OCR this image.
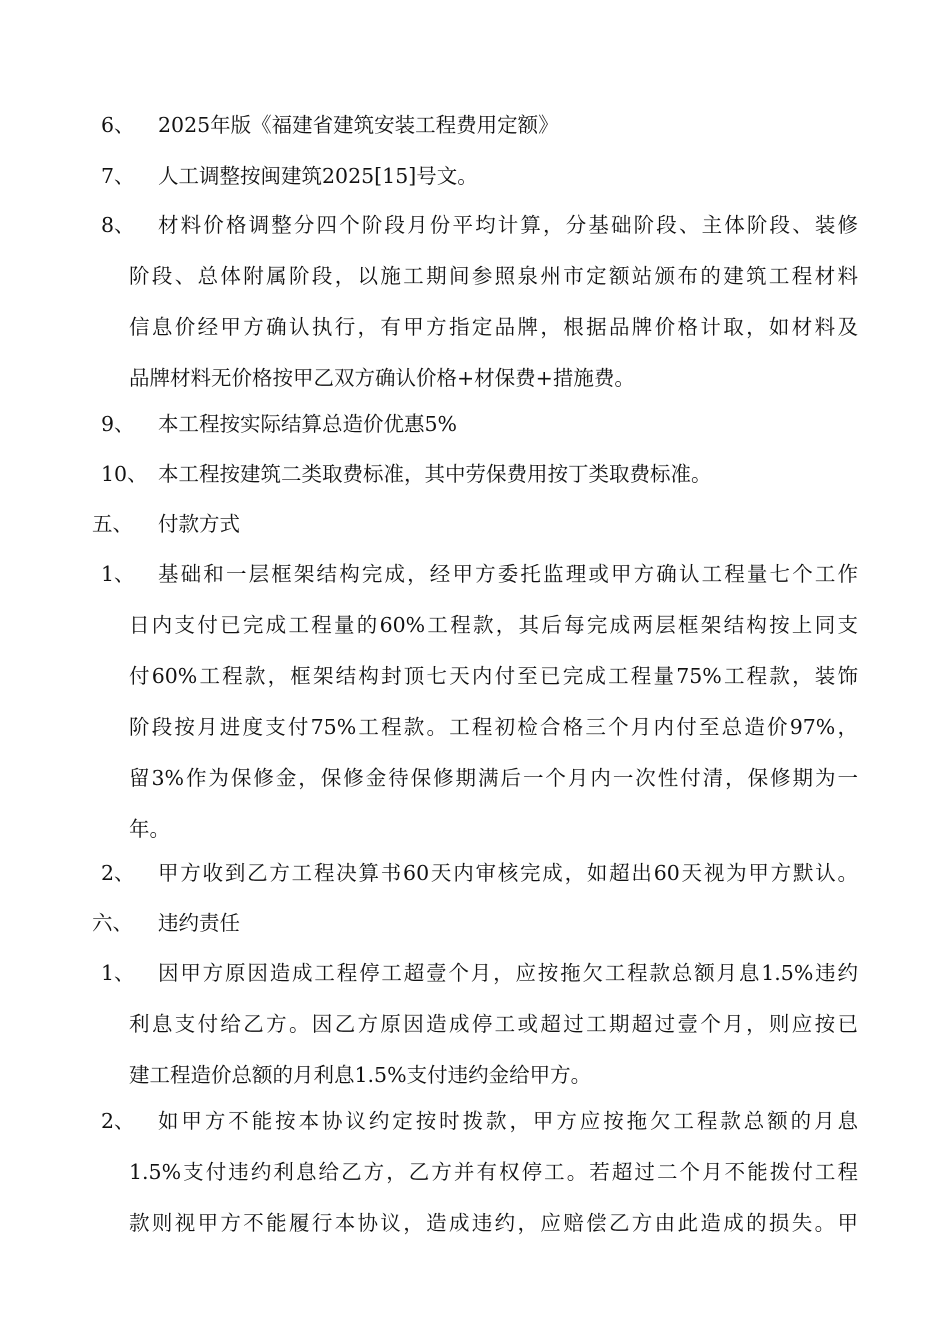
6、 2025年版《福建省建筑安装工程费用定额》
7、 人工调整按闽建筑2025[15]号文。
8、 材料价格调整分四个阶段月份平均计算，分基础阶段、主体阶段、装修
阶段、总体附属阶段，以施工期间参照泉州市定额站颁布的建筑工程材料
信息价经甲方确认执行，有甲方指定品牌，根据品牌价格计取，如材料及
品牌材料无价格按甲乙双方确认价格+材保费+措施费。
9、 本工程按实际结算总造价优惠5%
10、 本工程按建筑二类取费标准，其中劳保费用按丁类取费标准。
五、 付款方式
1、 基础和一层框架结构完成，经甲方委托监理或甲方确认工程量七个工作
日内支付已完成工程量的60%工程款，其后每完成两层框架结构按上同支
付60%工程款，框架结构封顶七天内付至已完成工程量75%工程款，装饰
阶段按月进度支付75%工程款。工程初检合格三个月内付至总造价97%，
留3%作为保修金，保修金待保修期满后一个月内一次性付清，保修期为一
年。
2、 甲方收到乙方工程决算书60天内审核完成，如超出60天视为甲方默认。
六、 违约责任
1、 因甲方原因造成工程停工超壹个月，应按拖欠工程款总额月息1.5%违约
利息支付给乙方。因乙方原因造成停工或超过工期超过壹个月，则应按已
建工程造价总额的月利息1.5%支付违约金给甲方。
2、 如甲方不能按本协议约定按时拨款，甲方应按拖欠工程款总额的月息
1.5%支付违约利息给乙方，乙方并有权停工。若超过二个月不能拨付工程
款则视甲方不能履行本协议，造成违约，应赔偿乙方由此造成的损失。甲
